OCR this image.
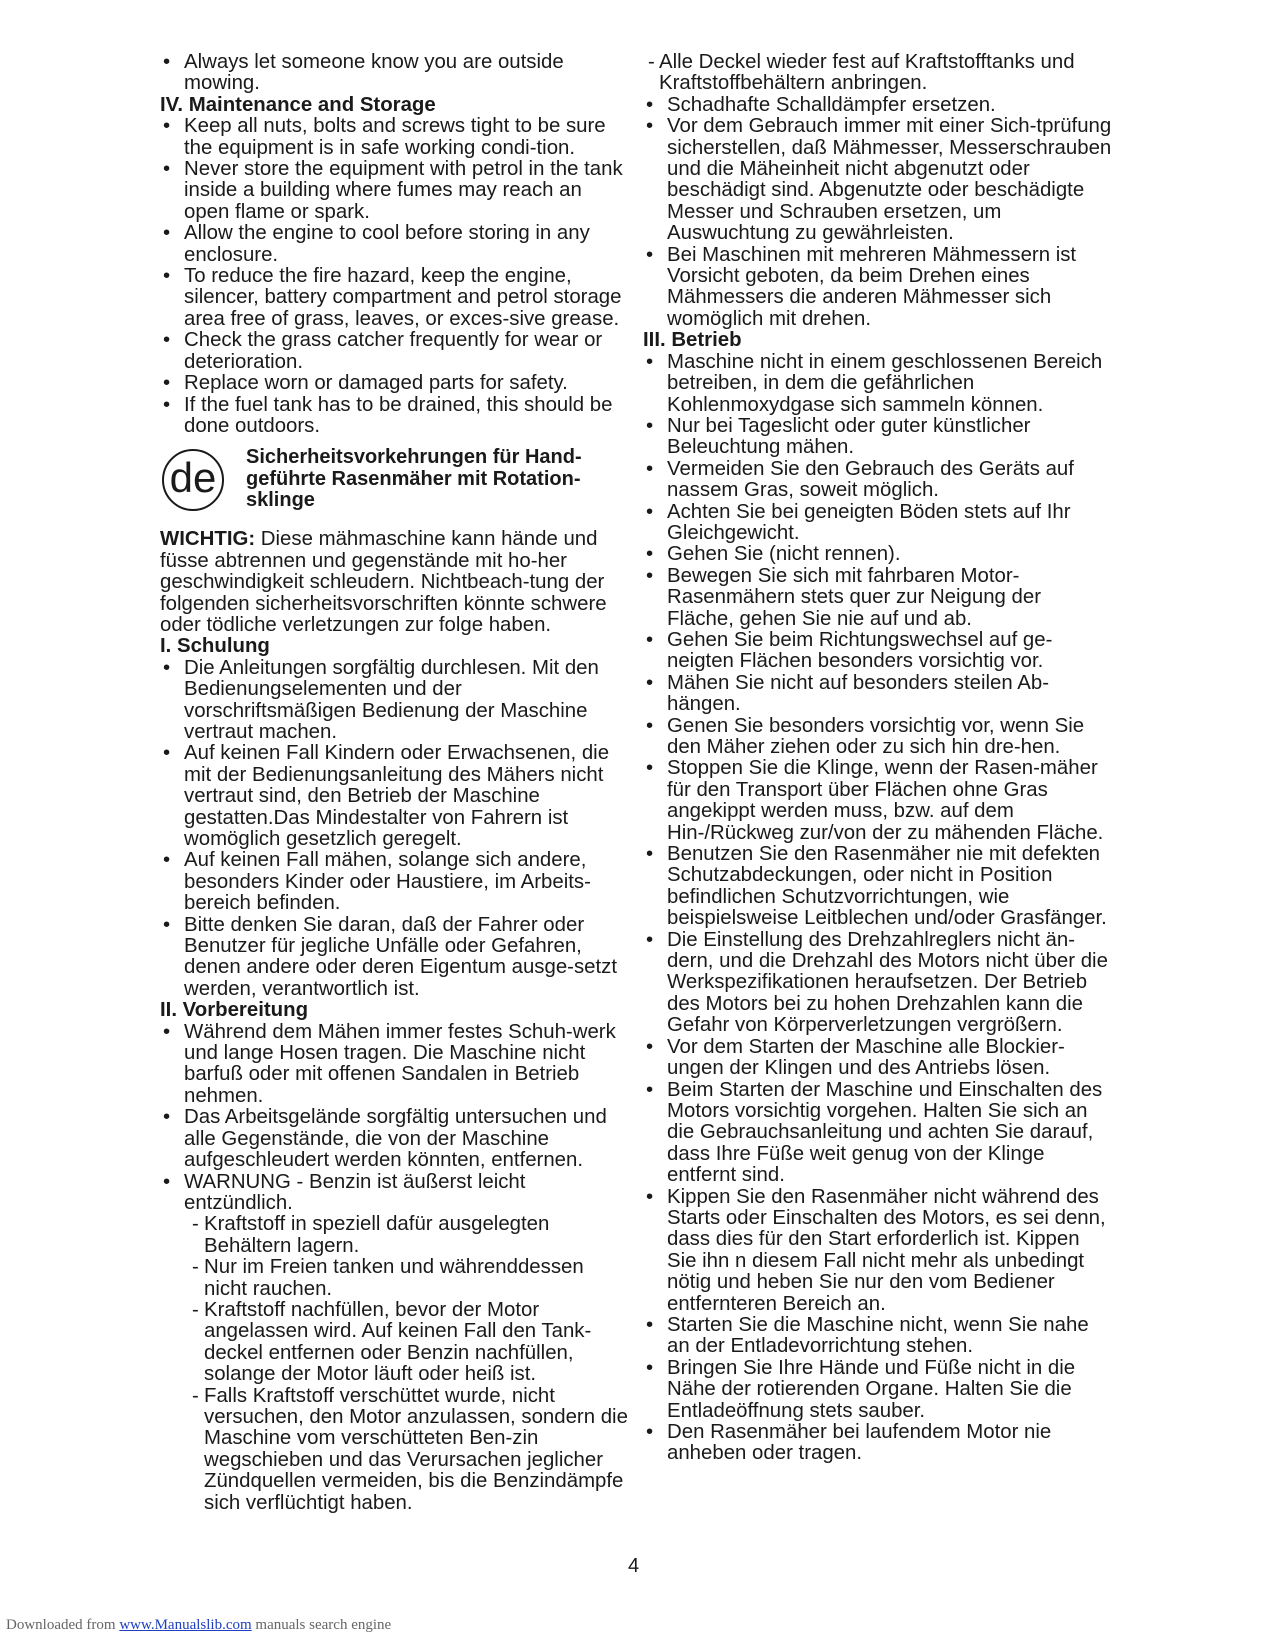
• Always let someone know you are outside mowing.
IV. Maintenance and Storage
• Keep all nuts, bolts and screws tight to be sure the equipment is in safe working condi-tion.
• Never store the equipment with petrol in the tank inside a building where fumes may reach an open flame or spark.
• Allow the engine to cool before storing in any enclosure.
• To reduce the fire hazard, keep the engine, silencer, battery compartment and petrol storage area free of grass, leaves, or exces-sive grease.
• Check the grass catcher frequently for wear or deterioration.
• Replace worn or damaged parts for safety.
• If the fuel tank has to be drained, this should be done outdoors.
de	Sicherheitsvorkehrungen für Hand-geführte Rasenmäher mit Rotation-sklinge
WICHTIG: Diese mähmaschine kann hände und füsse abtrennen und gegenstände mit ho-her geschwindigkeit schleudern. Nichtbeach-tung der folgenden sicherheitsvorschriften könnte schwere oder tödliche verletzungen zur folge haben.
I. Schulung
• Die Anleitungen sorgfältig durchlesen. Mit den Bedienungselementen und der vorschriftsmäßigen Bedienung der Maschine vertraut machen.
• Auf keinen Fall Kindern oder Erwachsenen, die mit der Bedienungsanleitung des Mähers nicht vertraut sind, den Betrieb der Maschine gestatten.Das Mindestalter von Fahrern ist womöglich gesetzlich geregelt.
• Auf keinen Fall mähen, solange sich andere, besonders Kinder oder Haustiere, im Arbeits-bereich befinden.
• Bitte denken Sie daran, daß der Fahrer oder Benutzer für jegliche Unfälle oder Gefahren, denen andere oder deren Eigentum ausge-setzt werden, verantwortlich ist.
II. Vorbereitung
• Während dem Mähen immer festes Schuh-werk und lange Hosen tragen. Die Maschine nicht barfuß oder mit offenen Sandalen in Betrieb nehmen.
• Das Arbeitsgelände sorgfältig untersuchen und alle Gegenstände, die von der Maschine aufgeschleudert werden könnten, entfernen.
• WARNUNG - Benzin ist äußerst leicht entzündlich.
- Kraftstoff in speziell dafür ausgelegten Behältern lagern.
- Nur im Freien tanken und währenddessen nicht rauchen.
- Kraftstoff nachfüllen, bevor der Motor angelassen wird. Auf keinen Fall den Tank-deckel entfernen oder Benzin nachfüllen, solange der Motor läuft oder heiß ist.
- Falls Kraftstoff verschüttet wurde, nicht versuchen, den Motor anzulassen, sondern die Maschine vom verschütteten Ben-zin wegschieben und das Verursachen jeglicher Zündquellen vermeiden, bis die Benzindämpfe sich verflüchtigt haben.
- Alle Deckel wieder fest auf Kraftstofftanks und Kraftstoffbehältern anbringen.
• Schadhafte Schalldämpfer ersetzen.
• Vor dem Gebrauch immer mit einer Sich-tprüfung sicherstellen, daß Mähmesser, Messerschrauben und die Mäheinheit nicht abgenutzt oder beschädigt sind. Abgenutzte oder beschädigte Messer und Schrauben ersetzen, um Auswuchtung zu gewährleisten.
• Bei Maschinen mit mehreren Mähmessern ist Vorsicht geboten, da beim Drehen eines Mähmessers die anderen Mähmesser sich womöglich mit drehen.
III. Betrieb
• Maschine nicht in einem geschlossenen Bereich betreiben, in dem die gefährlichen Kohlenmoxydgase sich sammeln können.
• Nur bei Tageslicht oder guter künstlicher Beleuchtung mähen.
• Vermeiden Sie den Gebrauch des Geräts auf nassem Gras, soweit möglich.
• Achten Sie bei geneigten Böden stets auf Ihr Gleichgewicht.
• Gehen Sie (nicht rennen).
• Bewegen Sie sich mit fahrbaren Motor-Rasenmähern stets quer zur Neigung der Fläche, gehen Sie nie auf und ab.
• Gehen Sie beim Richtungswechsel auf ge-neigten Flächen besonders vorsichtig vor.
• Mähen Sie nicht auf besonders steilen Ab-hängen.
• Genen Sie besonders vorsichtig vor, wenn Sie den Mäher ziehen oder zu sich hin dre-hen.
• Stoppen Sie die Klinge, wenn der Rasen-mäher für den Transport über Flächen ohne Gras angekippt werden muss, bzw. auf dem Hin-/Rückweg zur/von der zu mähenden Fläche.
• Benutzen Sie den Rasenmäher nie mit defekten Schutzabdeckungen, oder nicht in Position befindlichen Schutzvorrichtungen, wie beispielsweise Leitblechen und/oder Grasfänger.
• Die Einstellung des Drehzahlreglers nicht än-dern, und die Drehzahl des Motors nicht über die Werkspezifikationen heraufsetzen. Der Betrieb des Motors bei zu hohen Drehzahlen kann die Gefahr von Körperverletzungen vergrößern.
• Vor dem Starten der Maschine alle Blockier-ungen der Klingen und des Antriebs lösen.
• Beim Starten der Maschine und Einschalten des Motors vorsichtig vorgehen. Halten Sie sich an die Gebrauchsanleitung und achten Sie darauf, dass Ihre Füße weit genug von der Klinge entfernt sind.
• Kippen Sie den Rasenmäher nicht während des Starts oder Einschalten des Motors, es sei denn, dass dies für den Start erforderlich ist. Kippen Sie ihn n diesem Fall nicht mehr als unbedingt nötig und heben Sie nur den vom Bediener entfernteren Bereich an.
• Starten Sie die Maschine nicht, wenn Sie nahe an der Entladevorrichtung stehen.
• Bringen Sie Ihre Hände und Füße nicht in die Nähe der rotierenden Organe. Halten Sie die Entladeöffnung stets sauber.
• Den Rasenmäher bei laufendem Motor nie anheben oder tragen.
4
Downloaded from www.Manualslib.com manuals search engine
